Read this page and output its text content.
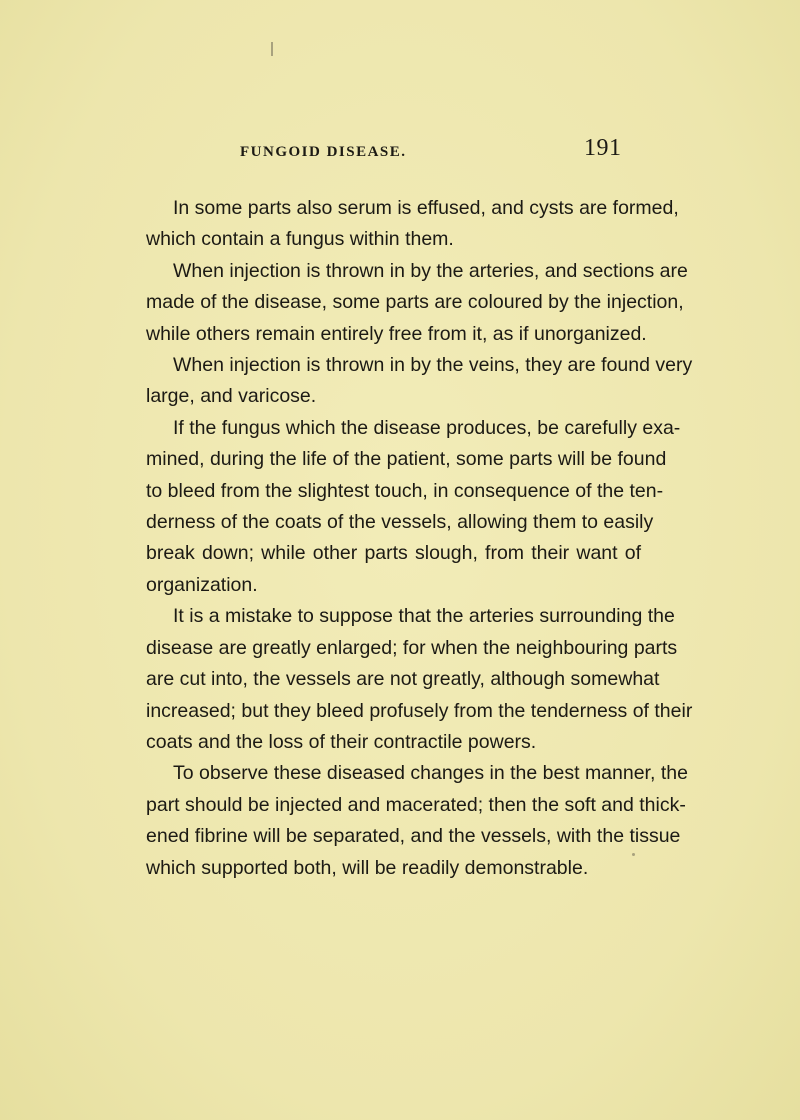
FUNGOID DISEASE.	191
In some parts also serum is effused, and cysts are formed,
which contain a fungus within them.
When injection is thrown in by the arteries, and sections are
made of the disease, some parts are coloured by the injection,
while others remain entirely free from it, as if unorganized.
When injection is thrown in by the veins, they are found very
large, and varicose.
If the fungus which the disease produces, be carefully exa-
mined, during the life of the patient, some parts will be found
to bleed from the slightest touch, in consequence of the ten-
derness of the coats of the vessels, allowing them to easily
break down; while other parts slough, from their want of
organization.
It is a mistake to suppose that the arteries surrounding the
disease are greatly enlarged; for when the neighbouring parts
are cut into, the vessels are not greatly, although somewhat
increased; but they bleed profusely from the tenderness of their
coats and the loss of their contractile powers.
To observe these diseased changes in the best manner, the
part should be injected and macerated; then the soft and thick-
ened fibrine will be separated, and the vessels, with the tissue
which supported both, will be readily demonstrable.
